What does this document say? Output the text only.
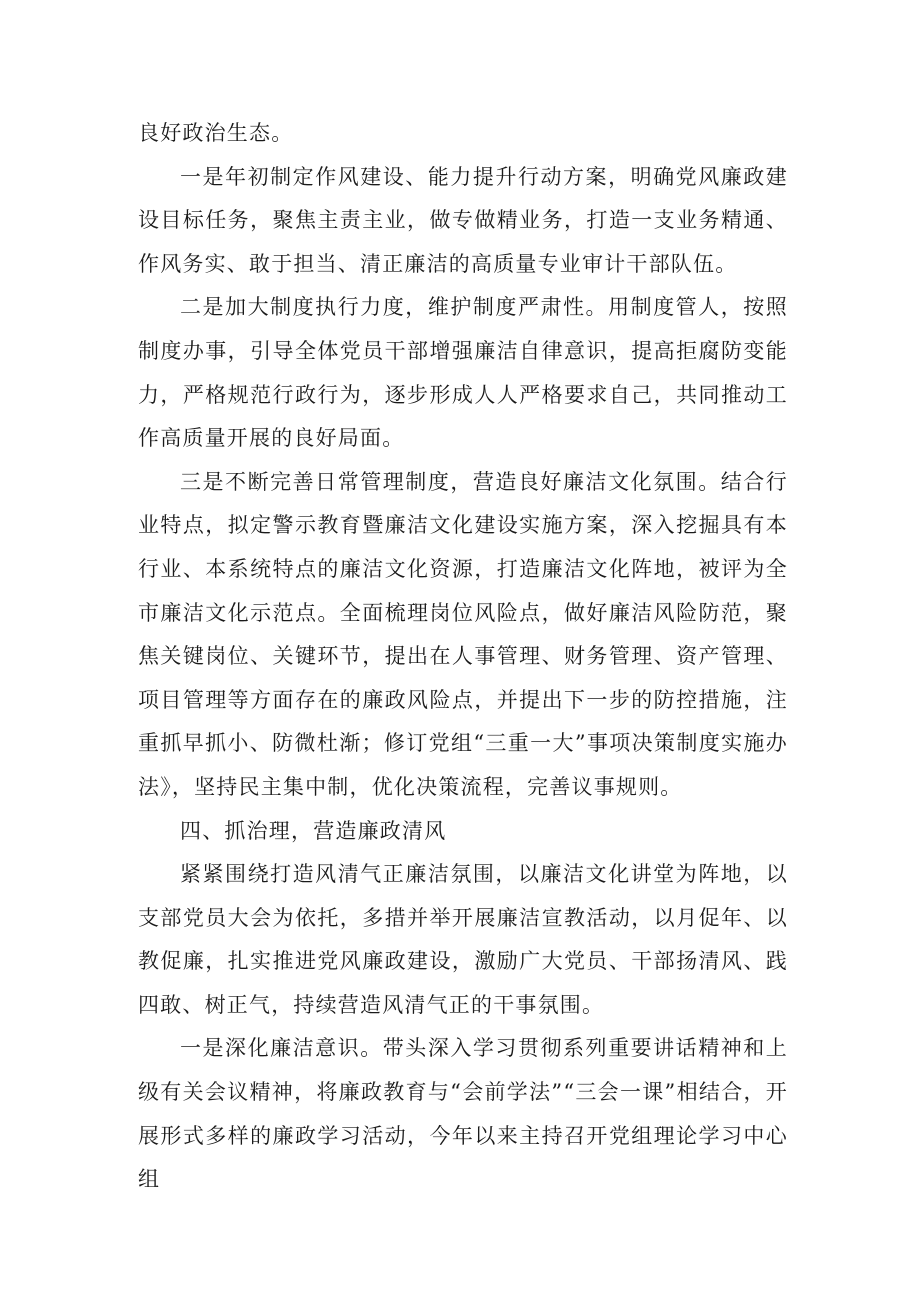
良好政治生态。

一是年初制定作风建设、能力提升行动方案，明确党风廉政建设目标任务，聚焦主责主业，做专做精业务，打造一支业务精通、作风务实、敢于担当、清正廉洁的高质量专业审计干部队伍。

二是加大制度执行力度，维护制度严肃性。用制度管人，按照制度办事，引导全体党员干部增强廉洁自律意识，提高拒腐防变能力，严格规范行政行为，逐步形成人人严格要求自己，共同推动工作高质量开展的良好局面。

三是不断完善日常管理制度，营造良好廉洁文化氛围。结合行业特点，拟定警示教育暨廉洁文化建设实施方案，深入挖掘具有本行业、本系统特点的廉洁文化资源，打造廉洁文化阵地，被评为全市廉洁文化示范点。全面梳理岗位风险点，做好廉洁风险防范，聚焦关键岗位、关键环节，提出在人事管理、财务管理、资产管理、项目管理等方面存在的廉政风险点，并提出下一步的防控措施，注重抓早抓小、防微杜渐；修订党组“三重一大”事项决策制度实施办法》，坚持民主集中制，优化决策流程，完善议事规则。

四、抓治理，营造廉政清风

紧紧围绕打造风清气正廉洁氛围，以廉洁文化讲堂为阵地，以支部党员大会为依托，多措并举开展廉洁宣教活动，以月促年、以教促廉，扎实推进党风廉政建设，激励广大党员、干部扬清风、践四敢、树正气，持续营造风清气正的干事氛围。

一是深化廉洁意识。带头深入学习贯彻系列重要讲话精神和上级有关会议精神，将廉政教育与“会前学法”“三会一课”相结合，开展形式多样的廉政学习活动，今年以来主持召开党组理论学习中心组
